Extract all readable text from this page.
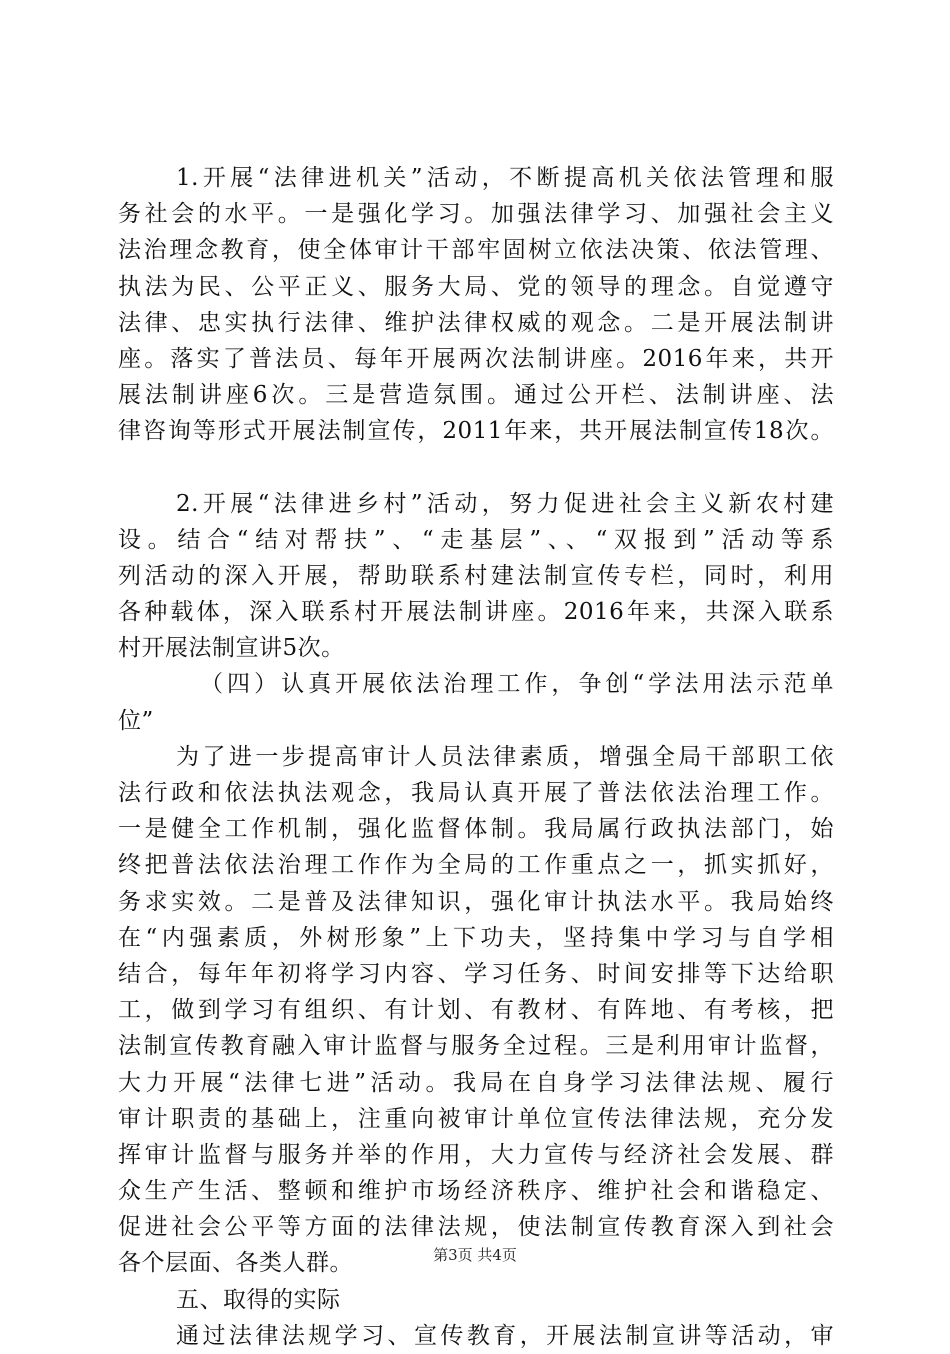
1.开展“法律进机关”活动，不断提高机关依法管理和服
务社会的水平。一是强化学习。加强法律学习、加强社会主义
法治理念教育，使全体审计干部牢固树立依法决策、依法管理、
执法为民、公平正义、服务大局、党的领导的理念。自觉遵守
法律、忠实执行法律、维护法律权威的观念。二是开展法制讲
座。落实了普法员、每年开展两次法制讲座。2016年来，共开
展法制讲座6次。三是营造氛围。通过公开栏、法制讲座、法
律咨询等形式开展法制宣传，2011年来，共开展法制宣传18次。
2.开展“法律进乡村”活动，努力促进社会主义新农村建
设。结合“结对帮扶”、“走基层”、、“双报到”活动等系
列活动的深入开展，帮助联系村建法制宣传专栏，同时，利用
各种载体，深入联系村开展法制讲座。2016年来，共深入联系
村开展法制宣讲5次。
（四）认真开展依法治理工作，争创“学法用法示范单
位”
为了进一步提高审计人员法律素质，增强全局干部职工依
法行政和依法执法观念，我局认真开展了普法依法治理工作。
一是健全工作机制，强化监督体制。我局属行政执法部门，始
终把普法依法治理工作作为全局的工作重点之一，抓实抓好，
务求实效。二是普及法律知识，强化审计执法水平。我局始终
在“内强素质，外树形象”上下功夫，坚持集中学习与自学相
结合，每年年初将学习内容、学习任务、时间安排等下达给职
工，做到学习有组织、有计划、有教材、有阵地、有考核，把
法制宣传教育融入审计监督与服务全过程。三是利用审计监督，
大力开展“法律七进”活动。我局在自身学习法律法规、履行
审计职责的基础上，注重向被审计单位宣传法律法规，充分发
挥审计监督与服务并举的作用，大力宣传与经济社会发展、群
众生产生活、整顿和维护市场经济秩序、维护社会和谐稳定、
促进社会公平等方面的法律法规，使法制宣传教育深入到社会
各个层面、各类人群。
五、取得的实际
通过法律法规学习、宣传教育，开展法制宣讲等活动，审
第3页 共4页
